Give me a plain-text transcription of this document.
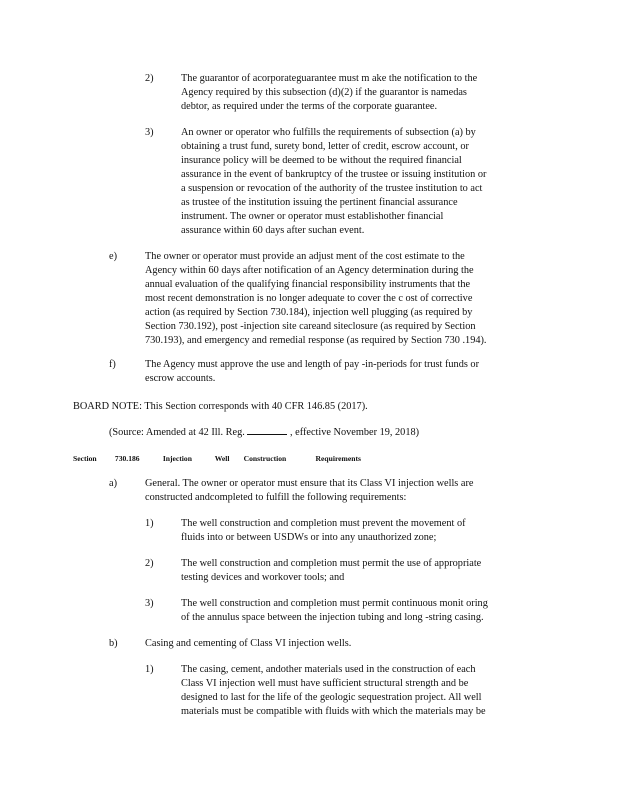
2)	The guarantor of acorporateguarantee must m ake the notification to the
Agency required by this subsection (d)(2) if the guarantor is namedas
debtor, as required under the terms of the corporate guarantee.
3)	An owner or operator who fulfills the requirements of subsection (a) by
obtaining a trust fund, surety bond, letter of credit, escrow account, or
insurance policy will be deemed to be without the required financial
assurance in the event of bankruptcy of the trustee or issuing institution or
a suspension or revocation of the authority of the trustee institution to act
as trustee of the institution issuing the pertinent financial assurance
instrument. The owner or operator must establishother financial
assurance within 60 days after suchan event.
e)	The owner or operator must provide an adjust ment of the cost estimate to the
Agency within 60 days after notification of an Agency determination during the
annual evaluation of the qualifying financial responsibility instruments that the
most recent demonstration is no longer adequate to cover the c ost of corrective
action (as required by Section 730.184), injection well plugging (as required by
Section 730.192), post -injection site careand siteclosure (as required by Section
730.193), and emergency and remedial response (as required by Section 730 .194).
f)	The Agency must approve the use and length of pay -in-periods for trust funds or
escrow accounts.
BOARD NOTE: This Section corresponds with 40 CFR 146.85 (2017).
(Source: Amended at 42 Ill. Reg.	, effective November 19, 2018)
Section 730.186	Injection	Well Construction	Requirements
a)	General. The owner or operator must ensure that its Class VI injection wells are
constructed andcompleted to fulfill the following requirements:
1)	The well construction and completion must prevent the movement of
fluids into or between USDWs or into any unauthorized zone;
2)	The well construction and completion must permit the use of appropriate
testing devices and workover tools; and
3)	The well construction and completion must permit continuous monit oring
of the annulus space between the injection tubing and long -string casing.
b)	Casing and cementing of Class VI injection wells.
1)	The casing, cement, andother materials used in the construction of each
Class VI injection well must have sufficient structural strength and be
designed to last for the life of the geologic sequestration project. All well
materials must be compatible with fluids with which the materials may be
